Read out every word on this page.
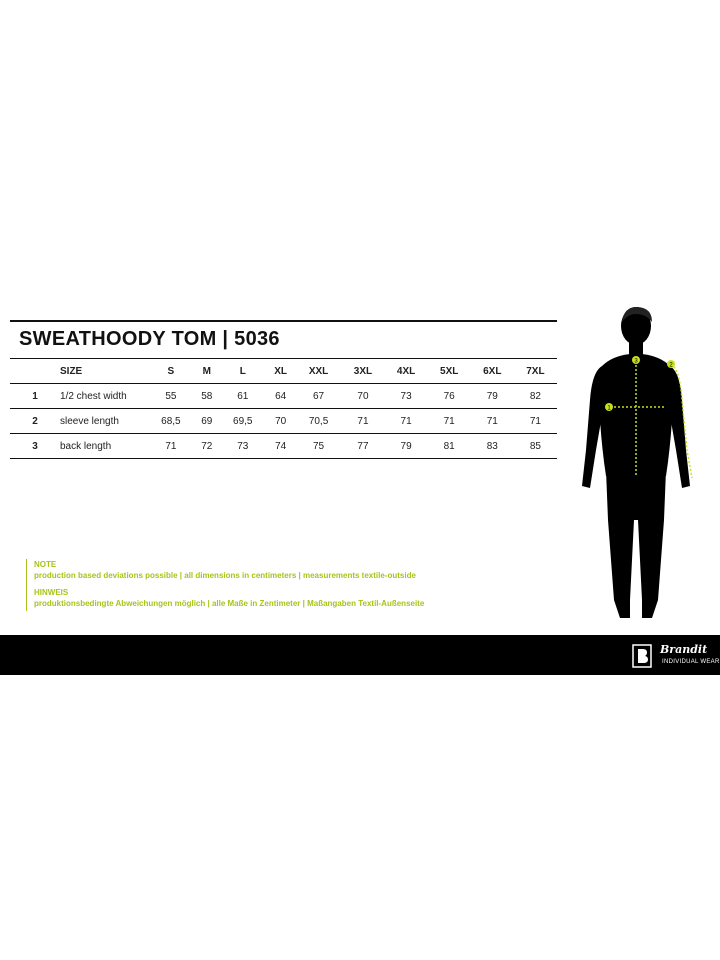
SWEATHOODY TOM | 5036
	SIZE	S	M	L	XL	XXL	3XL	4XL	5XL	6XL	7XL
1	1/2 chest width	55	58	61	64	67	70	73	76	79	82
2	sleeve length	68,5	69	69,5	70	70,5	71	71	71	71	71
3	back length	71	72	73	74	75	77	79	81	83	85
NOTE
production based deviations possible | all dimensions in centimeters | measurements textile-outside
HINWEIS
produktionsbedingte Abweichungen möglich | alle Maße in Zentimeter | Maßangaben Textil-Außenseite
1
3
2
Brandit
INDIVIDUAL WEAR
